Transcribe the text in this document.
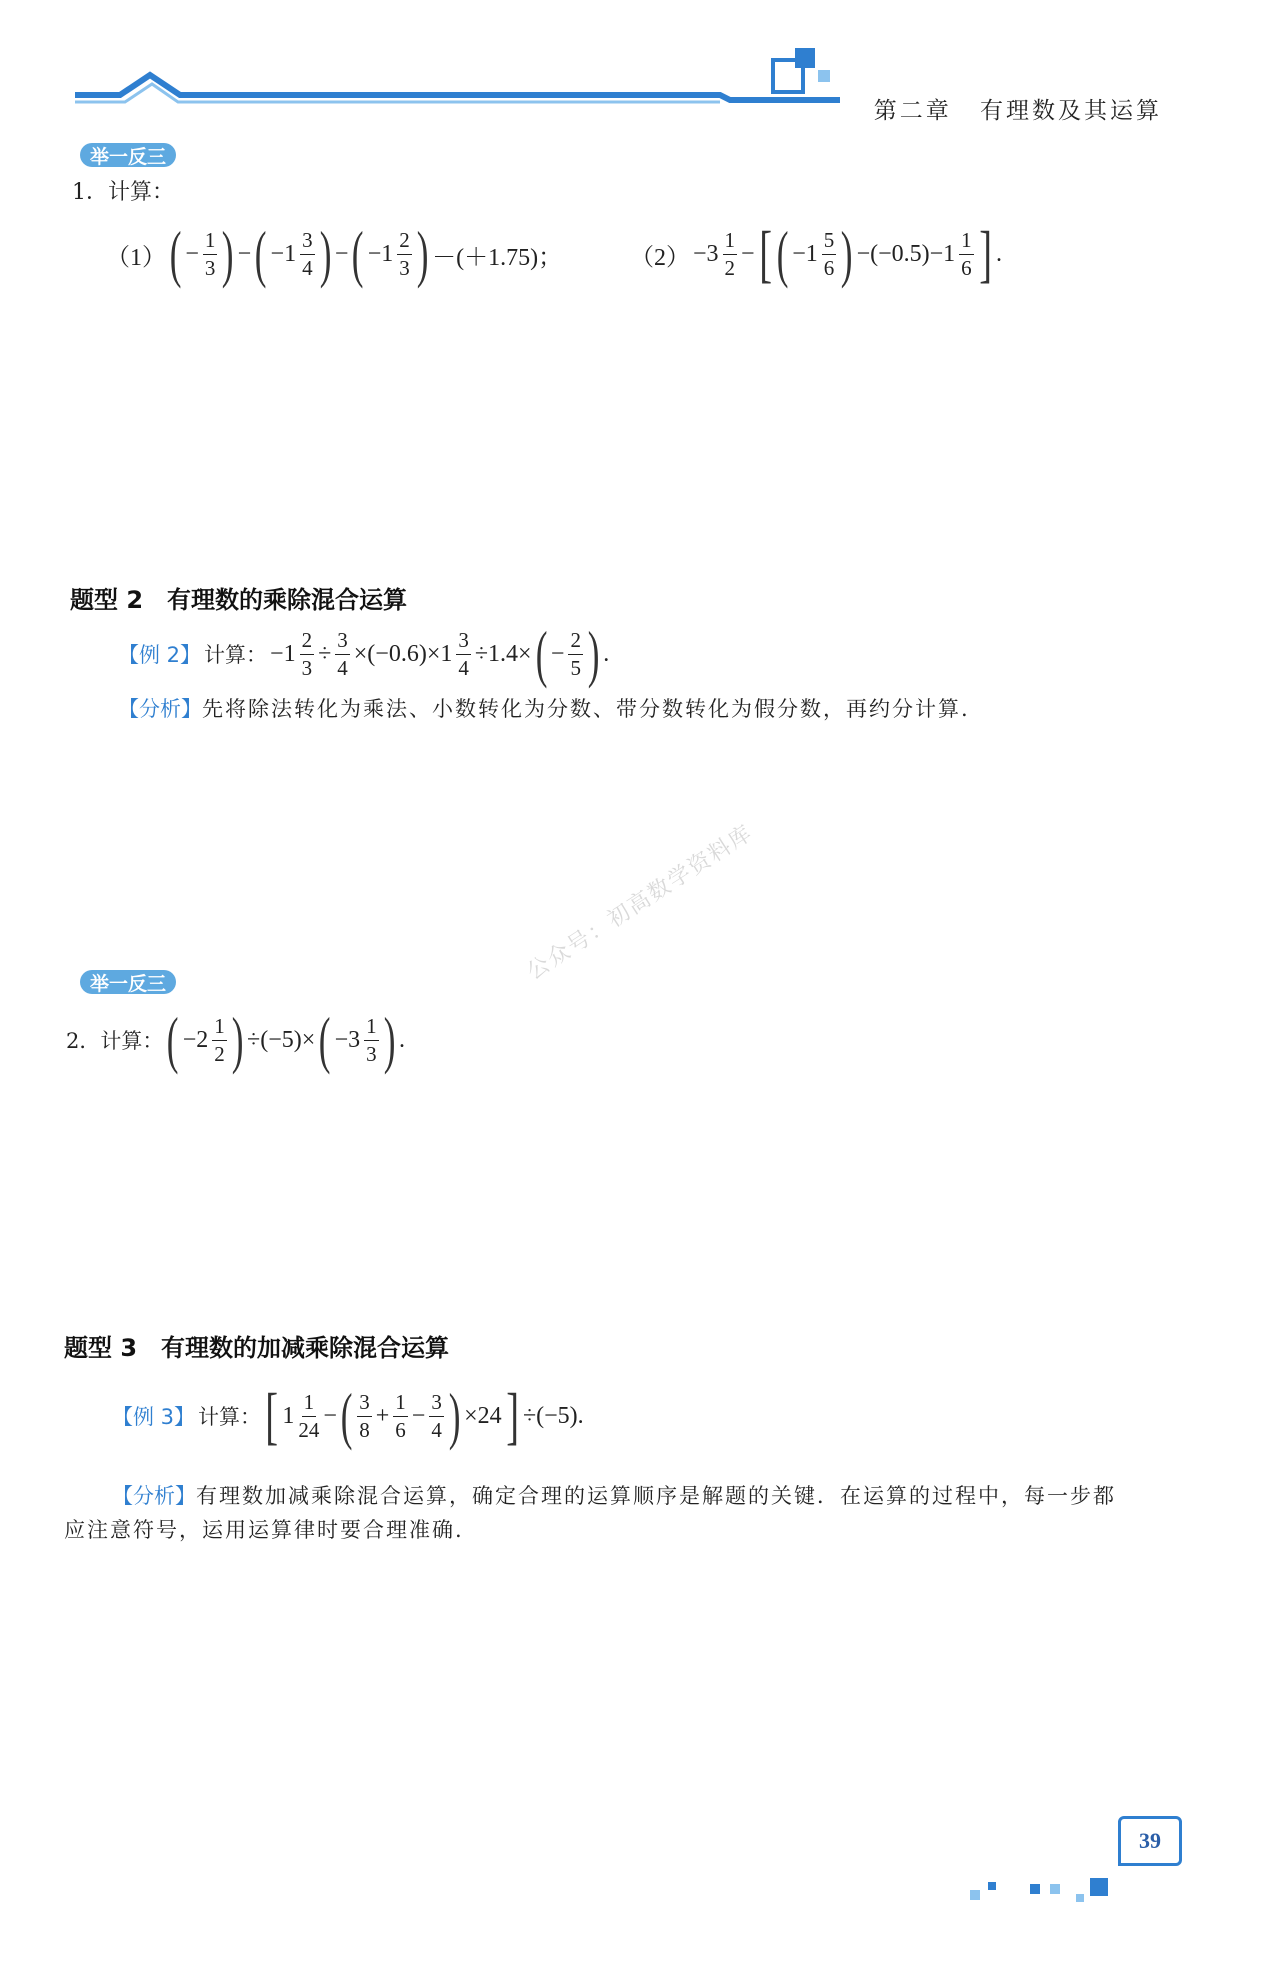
第二章 有理数及其运算
举一反三
1．计算：
（1） ( − $\frac{1}{3}$ ) − ( $-1 \frac{3}{4}$ ) − ( $-1 \frac{2}{3}$ ) －(＋1.75)；	$(2) -3 \frac{1}{2}$ − [ ( $-1 \frac{5}{6}$ ) $-(-0.5)-1 \frac{1}{6}$ ] .
题型 2　有理数的乘除混合运算
【例 2】 计算： $-1 \frac{2}{3} \div \frac{3}{4} \times(-0.6)\times 1 \frac{3}{4} \div 1.4\times$ ( − $\frac{2}{5}$ ) .
【分析】先将除法转化为乘法、小数转化为分数、带分数转化为假分数，再约分计算.
举一反三
2．计算： ( $-2 \frac{1}{2}$ ) ÷(−5)× ( $-3 \frac{1}{3}$ ) .
公众号：初高数学资料库
题型 3　有理数的加减乘除混合运算
【例 3】 计算： [ $1 \frac{1}{24}$ − ( $\frac{3}{8} + \frac{1}{6} - \frac{3}{4}$ ) ×24 ] ÷(−5).
【分析】有理数加减乘除混合运算，确定合理的运算顺序是解题的关键．在运算的过程中，每一步都
应注意符号，运用运算律时要合理准确.
39
